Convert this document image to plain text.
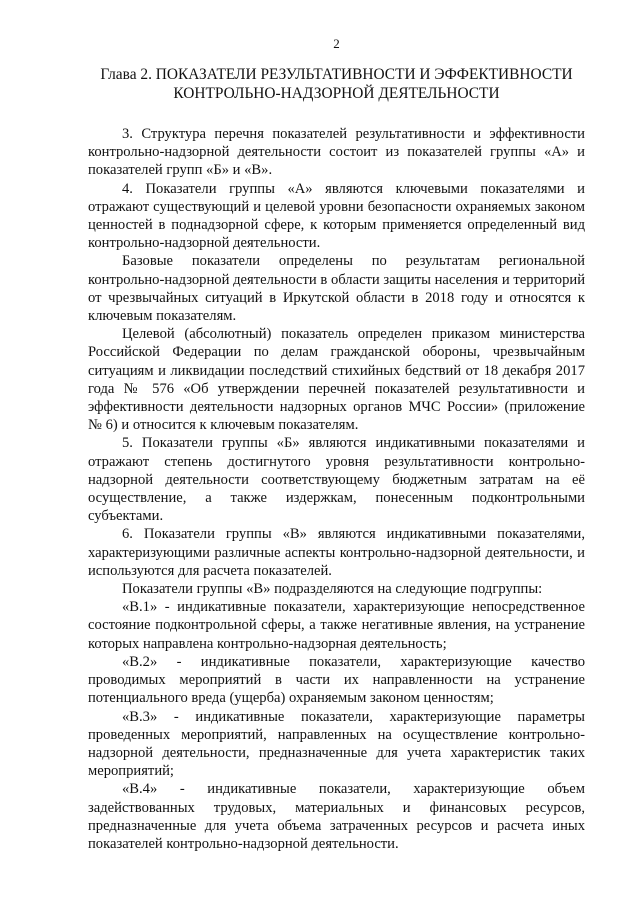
2
Глава 2. ПОКАЗАТЕЛИ РЕЗУЛЬТАТИВНОСТИ И ЭФФЕКТИВНОСТИ
КОНТРОЛЬНО-НАДЗОРНОЙ ДЕЯТЕЛЬНОСТИ

3. Структура перечня показателей результативности и эффективности контрольно-надзорной деятельности состоит из показателей группы «А» и показателей групп «Б» и «В».

4. Показатели группы «А» являются ключевыми показателями и отражают существующий и целевой уровни безопасности охраняемых законом ценностей в поднадзорной сфере, к которым применяется определенный вид контрольно-надзорной деятельности.

Базовые показатели определены по результатам региональной контрольно-надзорной деятельности в области защиты населения и территорий от чрезвычайных ситуаций в Иркутской области в 2018 году и относятся к ключевым показателям.

Целевой (абсолютный) показатель определен приказом министерства Российской Федерации по делам гражданской обороны, чрезвычайным ситуациям и ликвидации последствий стихийных бедствий от 18 декабря 2017 года № 576 «Об утверждении перечней показателей результативности и эффективности деятельности надзорных органов МЧС России» (приложение № 6) и относится к ключевым показателям.

5. Показатели группы «Б» являются индикативными показателями и отражают степень достигнутого уровня результативности контрольно-надзорной деятельности соответствующему бюджетным затратам на её осуществление, а также издержкам, понесенным подконтрольными субъектами.

6. Показатели группы «В» являются индикативными показателями, характеризующими различные аспекты контрольно-надзорной деятельности, и используются для расчета показателей.

Показатели группы «В» подразделяются на следующие подгруппы:

«В.1» - индикативные показатели, характеризующие непосредственное состояние подконтрольной сферы, а также негативные явления, на устранение которых направлена контрольно-надзорная деятельность;

«В.2» - индикативные показатели, характеризующие качество проводимых мероприятий в части их направленности на устранение потенциального вреда (ущерба) охраняемым законом ценностям;

«В.3» - индикативные показатели, характеризующие параметры проведенных мероприятий, направленных на осуществление контрольно-надзорной деятельности, предназначенные для учета характеристик таких мероприятий;

«В.4» - индикативные показатели, характеризующие объем задействованных трудовых, материальных и финансовых ресурсов, предназначенные для учета объема затраченных ресурсов и расчета иных показателей контрольно-надзорной деятельности.
